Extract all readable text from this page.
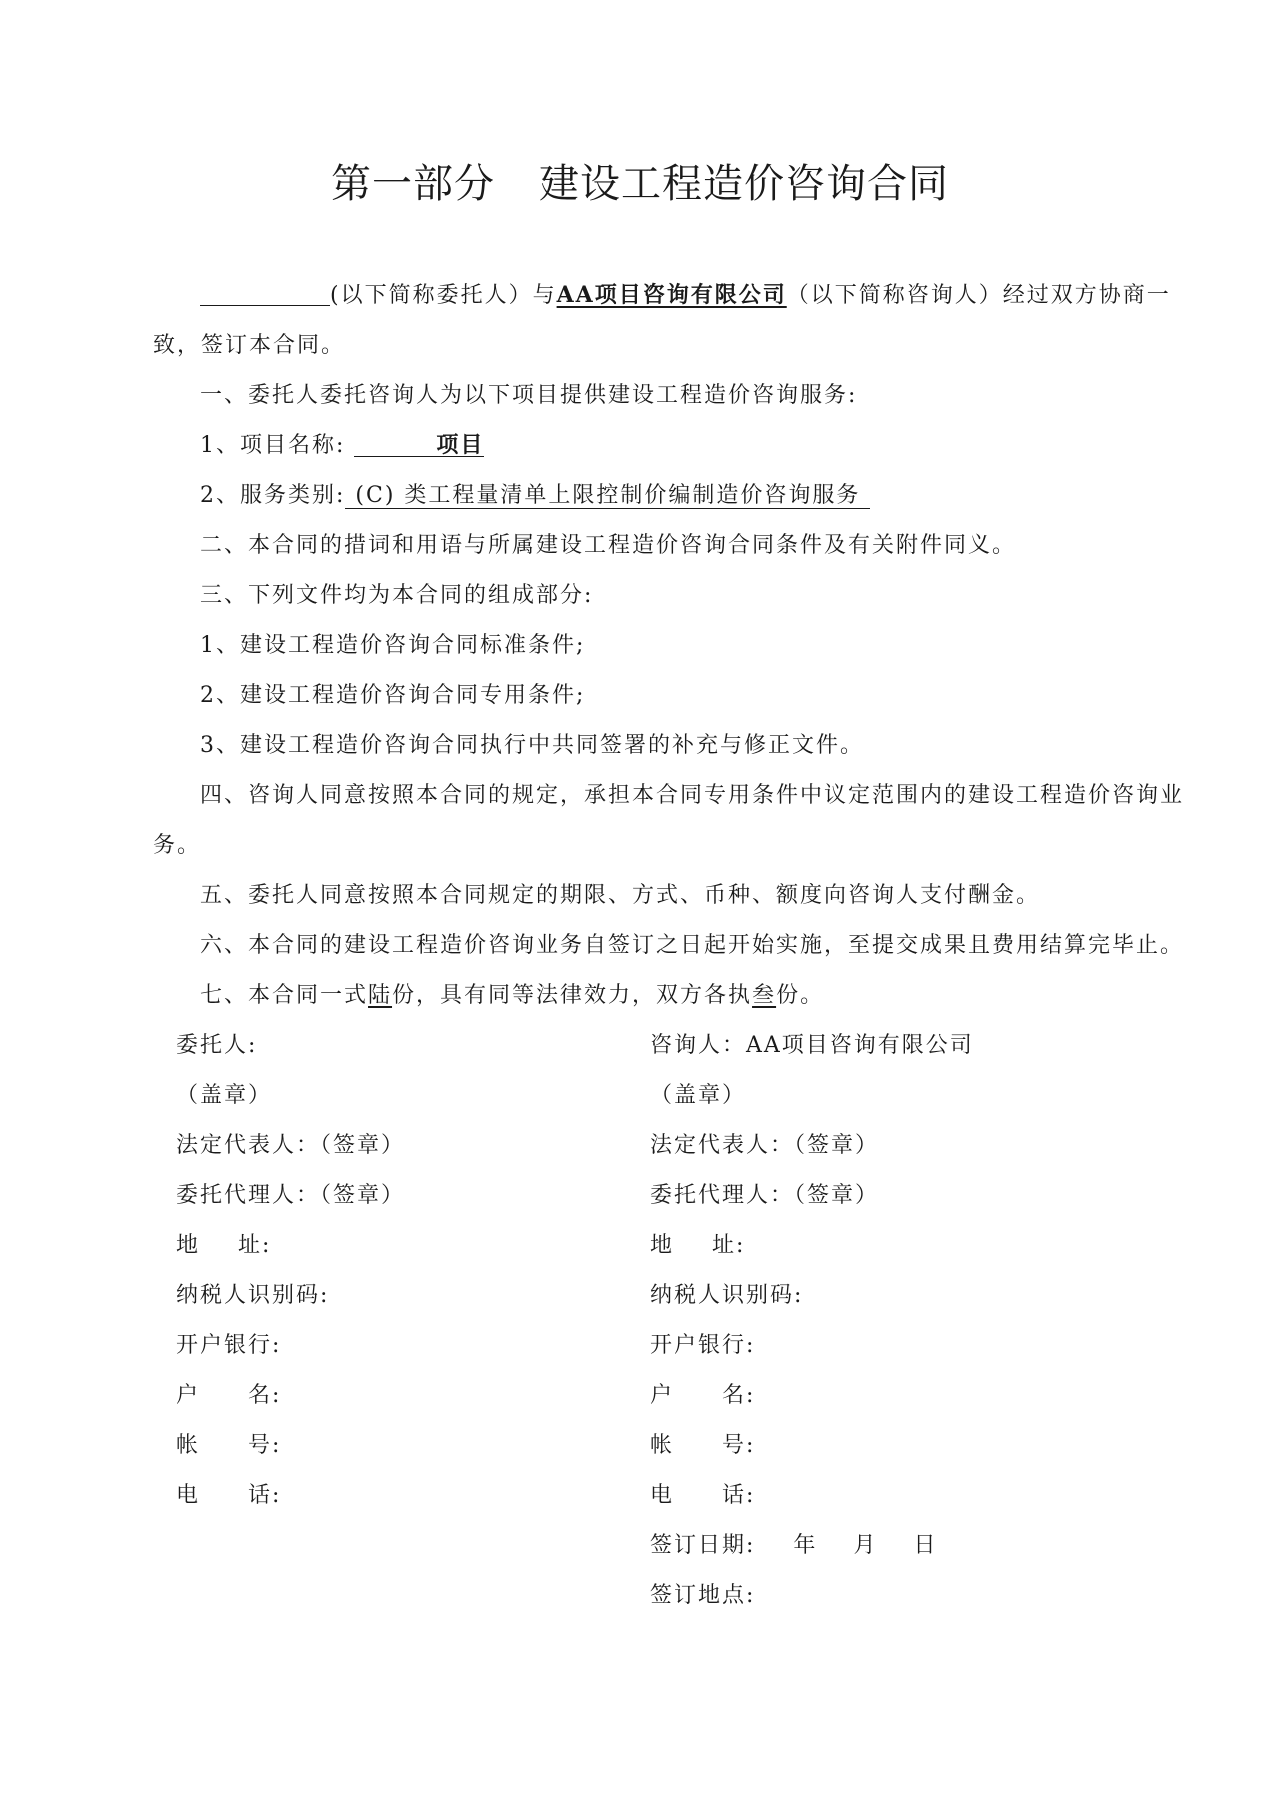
第一部分 建设工程造价咨询合同
(以下简称委托人）与AA项目咨询有限公司（以下简称咨询人）经过双方协商一
致，签订本合同。
一、委托人委托咨询人为以下项目提供建设工程造价咨询服务:
1、项目名称:	项目
2、服务类别: (C) 类工程量清单上限控制价编制造价咨询服务
二、本合同的措词和用语与所属建设工程造价咨询合同条件及有关附件同义。
三、下列文件均为本合同的组成部分:
1、建设工程造价咨询合同标准条件;
2、建设工程造价咨询合同专用条件;
3、建设工程造价咨询合同执行中共同签署的补充与修正文件。
四、咨询人同意按照本合同的规定，承担本合同专用条件中议定范围内的建设工程造价咨询业
务。
五、委托人同意按照本合同规定的期限、方式、币种、额度向咨询人支付酬金。
六、本合同的建设工程造价咨询业务自签订之日起开始实施，至提交成果且费用结算完毕止。
七、本合同一式陆份，具有同等法律效力，双方各执叁份。
委托人:
（盖章）
法定代表人：（签章）
委托代理人：（签章）
地 址:
纳税人识别码:
开户银行:
户 名:
帐 号:
电 话:
咨询人：AA项目咨询有限公司
（盖章）
法定代表人：（签章）
委托代理人：（签章）
地 址:
纳税人识别码:
开户银行:
户 名:
帐 号:
电 话:
签订日期: 年 月 日
签订地点:
